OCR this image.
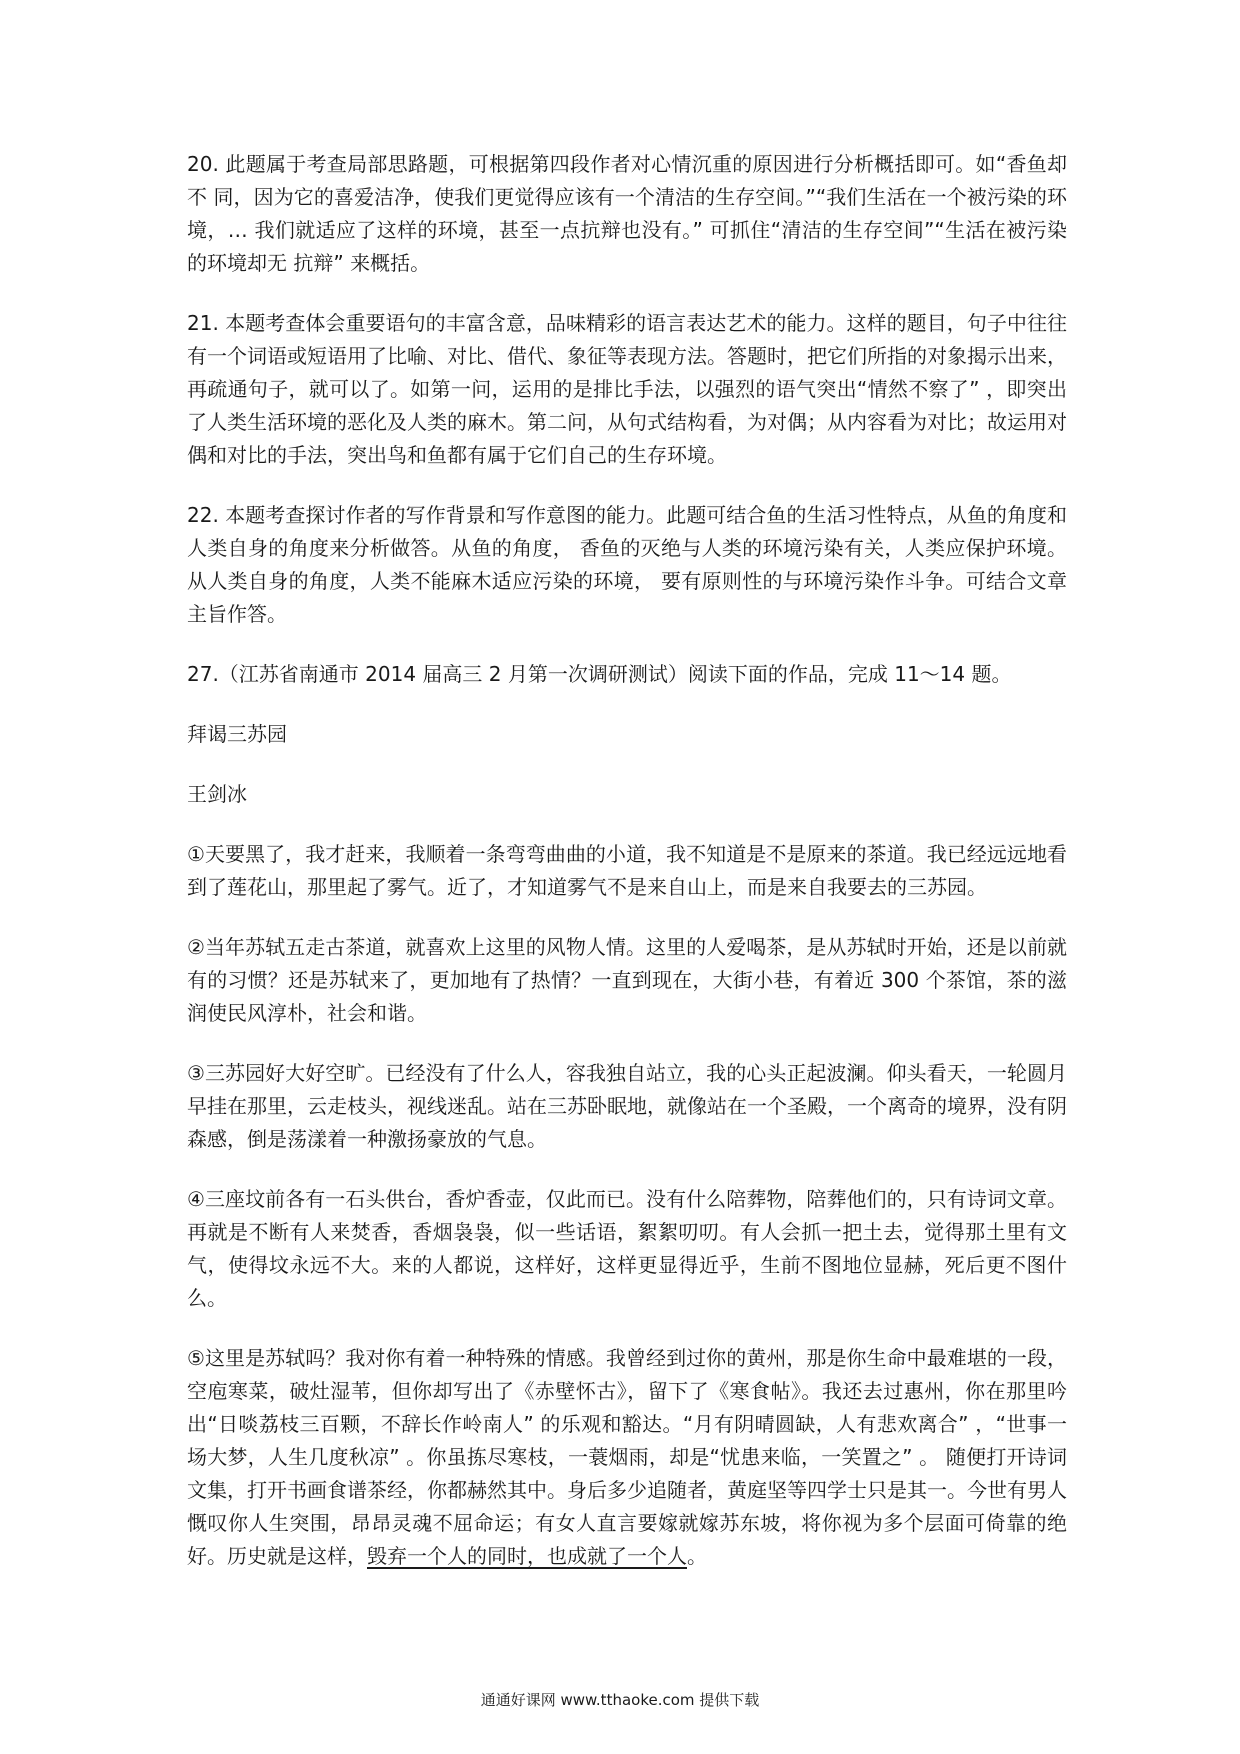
20. 此题属于考查局部思路题，可根据第四段作者对心情沉重的原因进行分析概括即可。如“香鱼却不 同，因为它的喜爱洁净，使我们更觉得应该有一个清洁的生存空间。”“我们生活在一个被污染的环境，… 我们就适应了这样的环境，甚至一点抗辩也没有。” 可抓住“清洁的生存空间”“生活在被污染的环境却无 抗辩” 来概括。

21. 本题考查体会重要语句的丰富含意，品味精彩的语言表达艺术的能力。这样的题目，句子中往往有一个词语或短语用了比喻、对比、借代、象征等表现方法。答题时，把它们所指的对象揭示出来，再疏通句子，就可以了。如第一问，运用的是排比手法，以强烈的语气突出“情然不察了” ，即突出了人类生活环境的恶化及人类的麻木。第二问，从句式结构看，为对偶；从内容看为对比；故运用对偶和对比的手法，突出鸟和鱼都有属于它们自己的生存环境。

22. 本题考查探讨作者的写作背景和写作意图的能力。此题可结合鱼的生活习性特点，从鱼的角度和人类自身的角度来分析做答。从鱼的角度， 香鱼的灭绝与人类的环境污染有关，人类应保护环境。从人类自身的角度，人类不能麻木适应污染的环境， 要有原则性的与环境污染作斗争。可结合文章主旨作答。

27.（江苏省南通市 2014 届高三 2 月第一次调研测试）阅读下面的作品，完成 11～14 题。

拜谒三苏园

王剑冰

①天要黑了，我才赶来，我顺着一条弯弯曲曲的小道，我不知道是不是原来的茶道。我已经远远地看到了莲花山，那里起了雾气。近了，才知道雾气不是来自山上，而是来自我要去的三苏园。

②当年苏轼五走古茶道，就喜欢上这里的风物人情。这里的人爱喝茶，是从苏轼时开始，还是以前就有的习惯？还是苏轼来了，更加地有了热情？一直到现在，大街小巷，有着近 300 个茶馆，茶的滋润使民风淳朴，社会和谐。

③三苏园好大好空旷。已经没有了什么人，容我独自站立，我的心头正起波澜。仰头看天，一轮圆月早挂在那里，云走枝头，视线迷乱。站在三苏卧眠地，就像站在一个圣殿，一个离奇的境界，没有阴森感，倒是荡漾着一种激扬豪放的气息。

④三座坟前各有一石头供台，香炉香壶，仅此而已。没有什么陪葬物，陪葬他们的，只有诗词文章。再就是不断有人来焚香，香烟袅袅，似一些话语，絮絮叨叨。有人会抓一把土去，觉得那土里有文气，使得坟永远不大。来的人都说，这样好，这样更显得近乎，生前不图地位显赫，死后更不图什么。

⑤这里是苏轼吗？我对你有着一种特殊的情感。我曾经到过你的黄州，那是你生命中最难堪的一段，空庖寒菜，破灶湿苇，但你却写出了《赤壁怀古》，留下了《寒食帖》。我还去过惠州，你在那里吟出“日啖荔枝三百颗，不辞长作岭南人” 的乐观和豁达。“月有阴晴圆缺，人有悲欢离合” ，“世事一场大梦，人生几度秋凉” 。你虽拣尽寒枝，一蓑烟雨，却是“忧患来临，一笑置之” 。 随便打开诗词文集，打开书画食谱茶经，你都赫然其中。身后多少追随者，黄庭坚等四学士只是其一。今世有男人慨叹你人生突围，昂昂灵魂不屈命运；有女人直言要嫁就嫁苏东坡，将你视为多个层面可倚靠的绝好。历史就是这样，毁弃一个人的同时，也成就了一个人。

通通好课网 www.tthaoke.com 提供下载
